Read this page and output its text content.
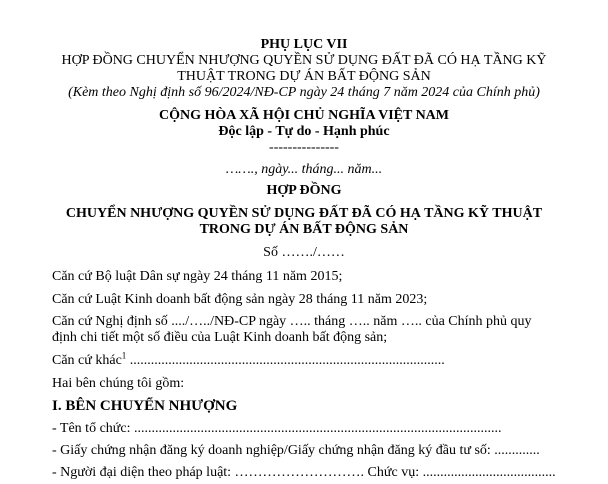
PHỤ LỤC VII
HỢP ĐỒNG CHUYỂN NHƯỢNG QUYỀN SỬ DỤNG ĐẤT ĐÃ CÓ HẠ TẦNG KỸ
THUẬT TRONG DỰ ÁN BẤT ĐỘNG SẢN
(Kèm theo Nghị định số 96/2024/NĐ-CP ngày 24 tháng 7 năm 2024 của Chính phủ)
CỘNG HÒA XÃ HỘI CHỦ NGHĨA VIỆT NAM
Độc lập - Tự do - Hạnh phúc
---------------
……., ngày... tháng... năm...
HỢP ĐỒNG
CHUYỂN NHƯỢNG QUYỀN SỬ DỤNG ĐẤT ĐÃ CÓ HẠ TẦNG KỸ THUẬT
TRONG DỰ ÁN BẤT ĐỘNG SẢN
Số ……./……
Căn cứ Bộ luật Dân sự ngày 24 tháng 11 năm 2015;
Căn cứ Luật Kinh doanh bất động sản ngày 28 tháng 11 năm 2023;
Căn cứ Nghị định số ..../…../NĐ-CP ngày ….. tháng ….. năm ….. của Chính phủ quy
định chi tiết một số điều của Luật Kinh doanh bất động sản;
Căn cứ khác$^1$ ..........................................................................................
Hai bên chúng tôi gồm:
I. BÊN CHUYỂN NHƯỢNG
- Tên tổ chức: .........................................................................................................
- Giấy chứng nhận đăng ký doanh nghiệp/Giấy chứng nhận đăng ký đầu tư số: .............
- Người đại diện theo pháp luật: ………………………. Chức vụ: ......................................
